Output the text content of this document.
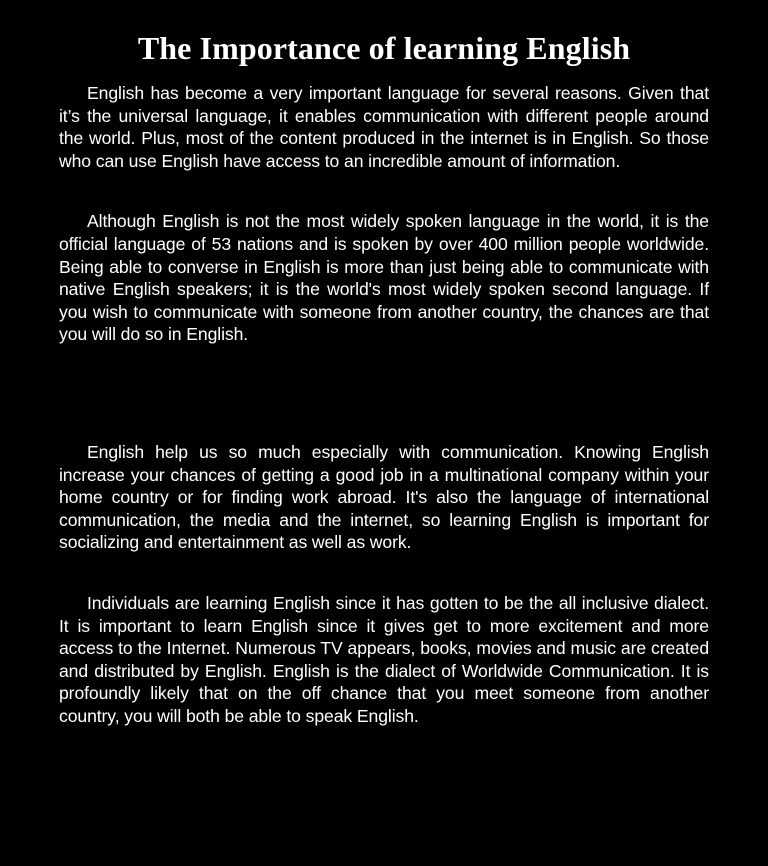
The Importance of learning English

English has become a very important language for several reasons. Given that it’s the universal language, it enables communication with different people around the world. Plus, most of the content produced in the internet is in English. So those who can use English have access to an incredible amount of information.

Although English is not the most widely spoken language in the world, it is the official language of 53 nations and is spoken by over 400 million people worldwide. Being able to converse in English is more than just being able to communicate with native English speakers; it is the world's most widely spoken second language. If you wish to communicate with someone from another country, the chances are that you will do so in English.

English help us so much especially with communication. Knowing English increase your chances of getting a good job in a multinational company within your home country or for finding work abroad. It's also the language of international communication, the media and the internet, so learning English is important for socializing and entertainment as well as work.

Individuals are learning English since it has gotten to be the all inclusive dialect. It is important to learn English since it gives get to more excitement and more access to the Internet. Numerous TV appears, books, movies and music are created and distributed by English. English is the dialect of Worldwide Communication. It is profoundly likely that on the off chance that you meet someone from another country, you will both be able to speak English.
